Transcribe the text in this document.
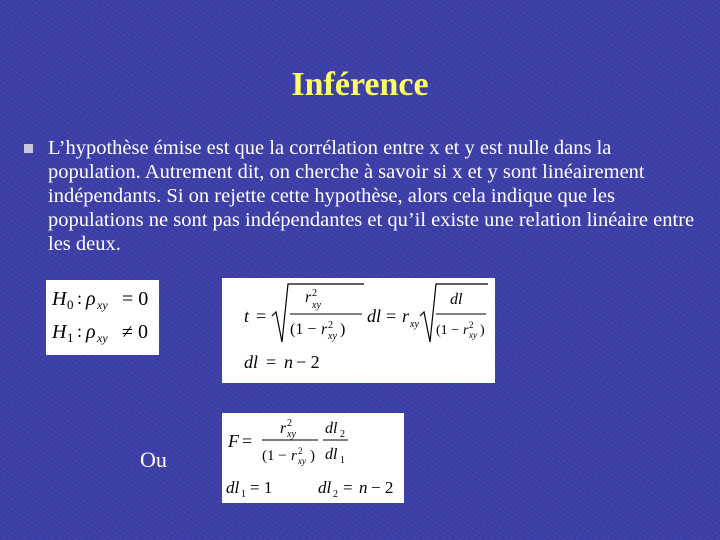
Inférence

L’hypothèse émise est que la corrélation entre x et y est nulle dans la population. Autrement dit, on cherche à savoir si x et y sont linéairement indépendants. Si on rejette cette hypothèse, alors cela indique que les populations ne sont pas indépendantes et qu’il existe une relation linéaire entre les deux.

H 0 : ρ xy = 0
H 1 : ρ xy ≠ 0
t =
r 2
xy
(1 − r 2
xy )
dl = r xy
dl
(1 − r 2
xy )
dl = n − 2
F =
r 2
xy
(1 − r 2
xy )
dl 2
dl 1
dl 1 = 1	dl 2 = n − 2
Ou
